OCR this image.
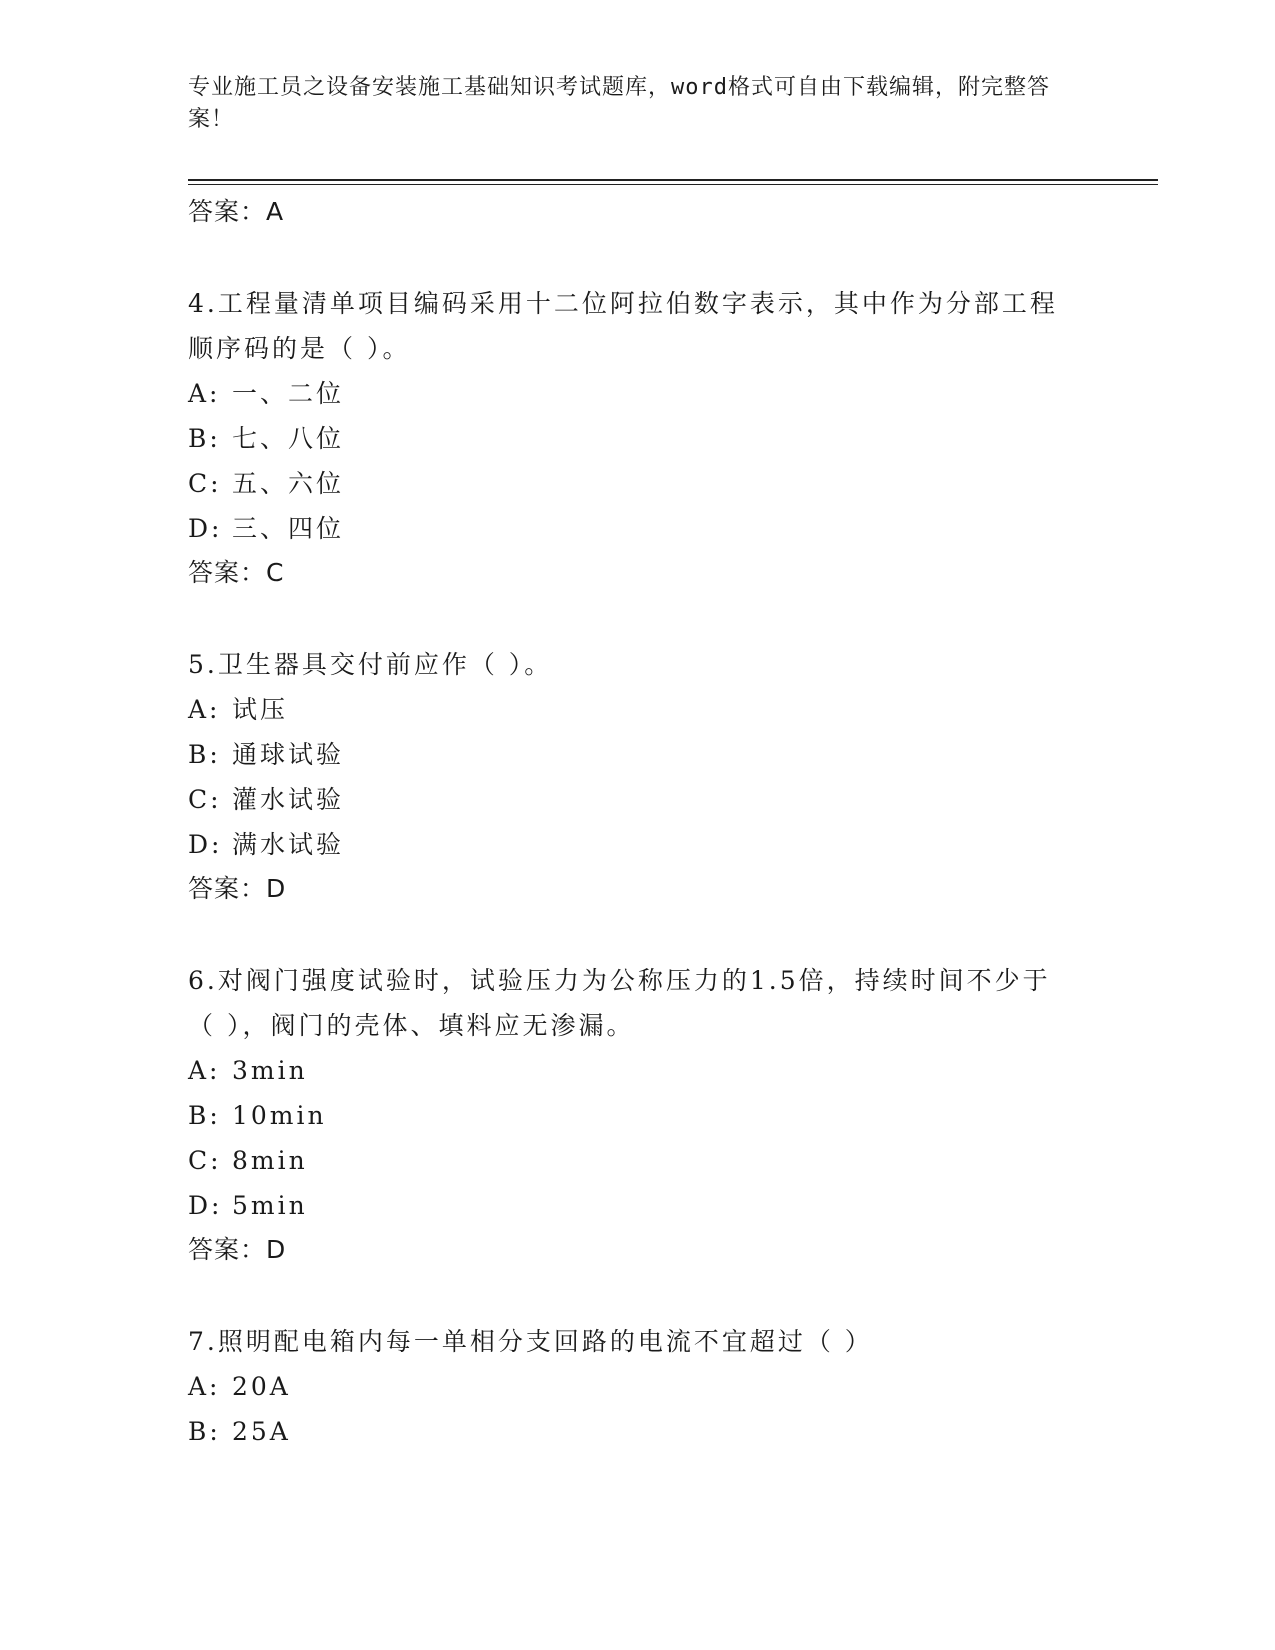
专业施工员之设备安装施工基础知识考试题库，word格式可自由下载编辑，附完整答案！
答案：A
4.工程量清单项目编码采用十二位阿拉伯数字表示，其中作为分部工程顺序码的是（ ）。
A: 一、二位
B: 七、八位
C: 五、六位
D: 三、四位
答案：C
5.卫生器具交付前应作（ ）。
A: 试压
B: 通球试验
C: 灌水试验
D: 满水试验
答案：D
6.对阀门强度试验时，试验压力为公称压力的1.5倍，持续时间不少于（ ），阀门的壳体、填料应无渗漏。
A: 3min
B: 10min
C: 8min
D: 5min
答案：D
7.照明配电箱内每一单相分支回路的电流不宜超过（ ）
A: 20A
B: 25A
